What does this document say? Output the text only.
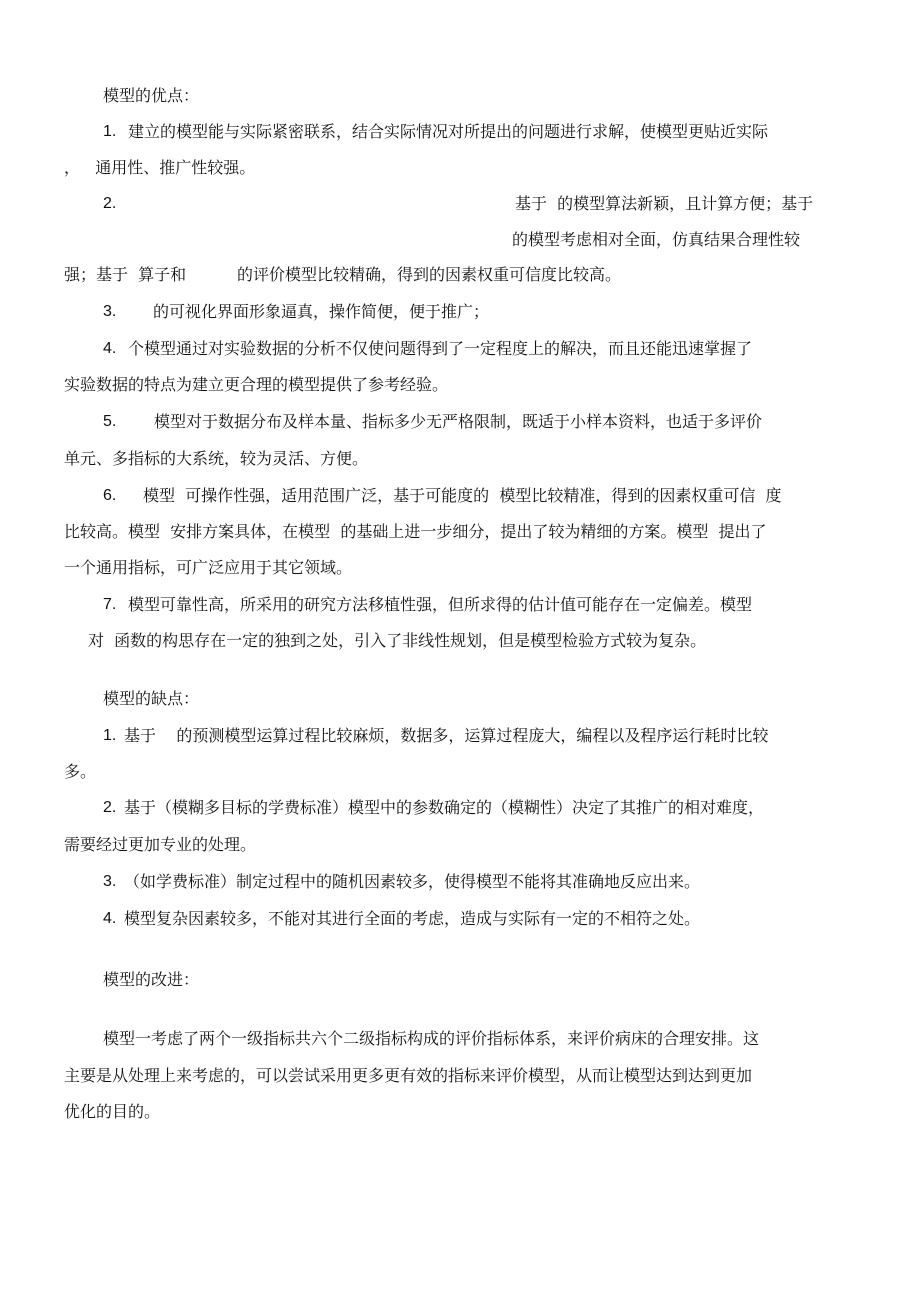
模型的优点：
1. 建立的模型能与实际紧密联系，结合实际情况对所提出的问题进行求解，使模型更贴近实际
，   通用性、推广性较强。
2.	基于  的模型算法新颖，且计算方便；基于
的模型考虑相对全面，仿真结果合理性较
强；基于  算子和          的评价模型比较精确，得到的因素权重可信度比较高。
3. 的可视化界面形象逼真，操作简便，便于推广；
4. 个模型通过对实验数据的分析不仅使问题得到了一定程度上的解决，而且还能迅速掌握了
实验数据的特点为建立更合理的模型提供了参考经验。
5. 模型对于数据分布及样本量、指标多少无严格限制，既适于小样本资料，也适于多评价
单元、多指标的大系统，较为灵活、方便。
6. 模型  可操作性强，适用范围广泛，基于可能度的  模型比较精准，得到的因素权重可信  度
比较高。模型  安排方案具体，在模型  的基础上进一步细分，提出了较为精细的方案。模型  提出了
一个通用指标，可广泛应用于其它领域。
7. 模型可靠性高，所采用的研究方法移植性强，但所求得的估计值可能存在一定偏差。模型
对  函数的构思存在一定的独到之处，引入了非线性规划，但是模型检验方式较为复杂。
模型的缺点：
1. 基于    的预测模型运算过程比较麻烦，数据多，运算过程庞大，编程以及程序运行耗时比较
多。
2. 基于（模糊多目标的学费标准）模型中的参数确定的（模糊性）决定了其推广的相对难度，
需要经过更加专业的处理。
3. （如学费标准）制定过程中的随机因素较多，使得模型不能将其准确地反应出来。
4. 模型复杂因素较多，不能对其进行全面的考虑，造成与实际有一定的不相符之处。
模型的改进：
模型一考虑了两个一级指标共六个二级指标构成的评价指标体系，来评价病床的合理安排。这
主要是从处理上来考虑的，可以尝试采用更多更有效的指标来评价模型，从而让模型达到达到更加
优化的目的。
